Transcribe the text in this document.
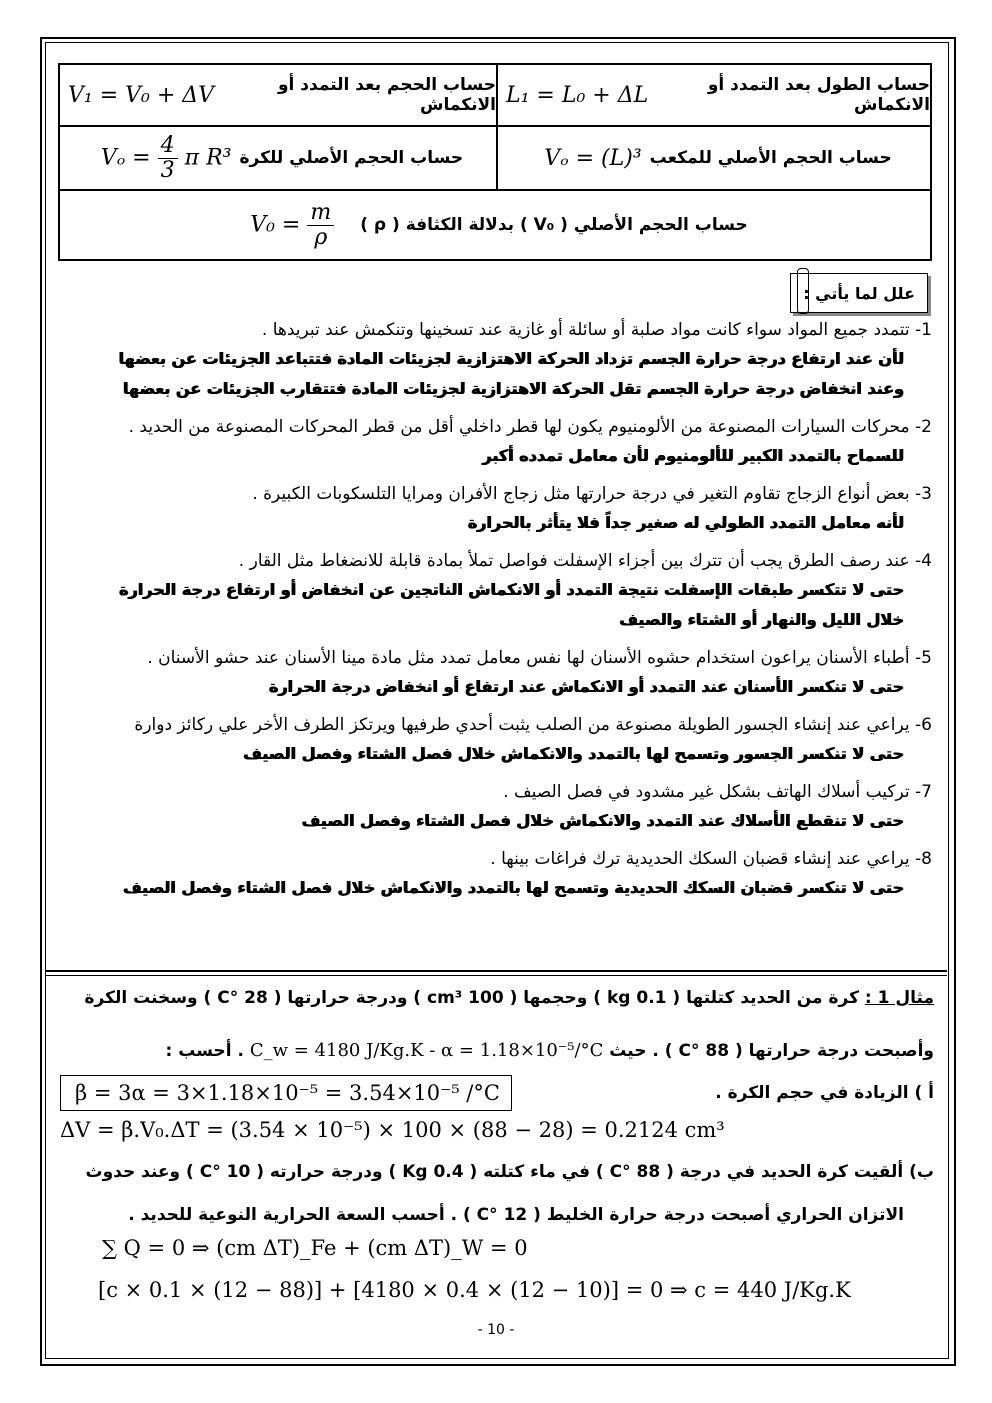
حساب الطول بعد التمدد أو الانكماش
L₁ = L₀ + ΔL
حساب الحجم بعد التمدد أو الانكماش
V₁ = V₀ + ΔV
حساب الحجم الأصلي للمكعب
Vₒ = (L)³
حساب الحجم الأصلي للكرة
$V_o = \frac{4}{3}$ π R³
حساب الحجم الأصلي ( V₀ ) بدلالة الكثافة ( ρ )
$V_0 = \frac{m}{\rho}$
علل لما يأتي :
1- تتمدد جميع المواد سواء كانت مواد صلبة أو سائلة أو غازية عند تسخينها وتنكمش عند تبريدها .
لأن عند ارتفاع درجة حرارة الجسم تزداد الحركة الاهتزازية لجزيئات المادة فتتباعد الجزيئات عن بعضها
وعند انخفاض درجة حرارة الجسم تقل الحركة الاهتزازية لجزيئات المادة فتتقارب الجزيئات عن بعضها
2- محركات السيارات المصنوعة من الألومنيوم يكون لها قطر داخلي أقل من قطر المحركات المصنوعة من الحديد .
للسماح بالتمدد الكبير للألومنيوم لأن معامل تمدده أكبر
3- بعض أنواع الزجاج تقاوم التغير في درجة حرارتها مثل زجاج الأفران ومرايا التلسكوبات الكبيرة .
لأنه معامل التمدد الطولي له صغير جداً فلا يتأثر بالحرارة
4- عند رصف الطرق يجب أن تترك بين أجزاء الإسفلت فواصل تملأ بمادة قابلة للانضغاط مثل القار .
حتى لا تتكسر طبقات الإسفلت نتيجة التمدد أو الانكماش الناتجين عن انخفاض أو ارتفاع درجة الحرارة
خلال الليل والنهار أو الشتاء والصيف
5- أطباء الأسنان يراعون استخدام حشوه الأسنان لها نفس معامل تمدد مثل مادة مينا الأسنان عند حشو الأسنان .
حتى لا تنكسر الأسنان عند التمدد أو الانكماش عند ارتفاع أو انخفاض درجة الحرارة
6- يراعي عند إنشاء الجسور الطويلة مصنوعة من الصلب يثبت أحدي طرفيها ويرتكز الطرف الأخر علي ركائز دوارة
حتى لا تنكسر الجسور وتسمح لها بالتمدد والانكماش خلال فصل الشتاء وفصل الصيف
7- تركيب أسلاك الهاتف بشكل غير مشدود في فصل الصيف .
حتى لا تنقطع الأسلاك عند التمدد والانكماش خلال فصل الشتاء وفصل الصيف
8- يراعي عند إنشاء قضبان السكك الحديدية ترك فراغات بينها .
حتى لا تنكسر قضبان السكك الحديدية وتسمح لها بالتمدد والانكماش خلال فصل الشتاء وفصل الصيف
مثال 1 : كرة من الحديد كتلتها ( 0.1 kg ) وحجمها ( 100 cm³ ) ودرجة حرارتها ( 28 °C ) وسخنت الكرة
وأصبحت درجة حرارتها ( 88 °C ) . حيث C_w = 4180 J/Kg.K - α = 1.18×10⁻⁵/°C . أحسب :
أ ) الزيادة في حجم الكرة .
β = 3α = 3×1.18×10⁻⁵ = 3.54×10⁻⁵ /°C
ΔV = β.V₀.ΔT = (3.54 × 10⁻⁵) × 100 × (88 − 28) = 0.2124 cm³
ب) ألقيت كرة الحديد في درجة ( 88 °C ) في ماء كتلته ( 0.4 Kg ) ودرجة حرارته ( 10 °C ) وعند حدوث
الاتزان الحراري أصبحت درجة حرارة الخليط ( 12 °C ) . أحسب السعة الحرارية النوعية للحديد .
∑ Q = 0 ⇒ (cm ΔT)_Fe + (cm ΔT)_W = 0
[c × 0.1 × (12 − 88)] + [4180 × 0.4 × (12 − 10)] = 0 ⇒ c = 440 J/Kg.K
- 10 -
